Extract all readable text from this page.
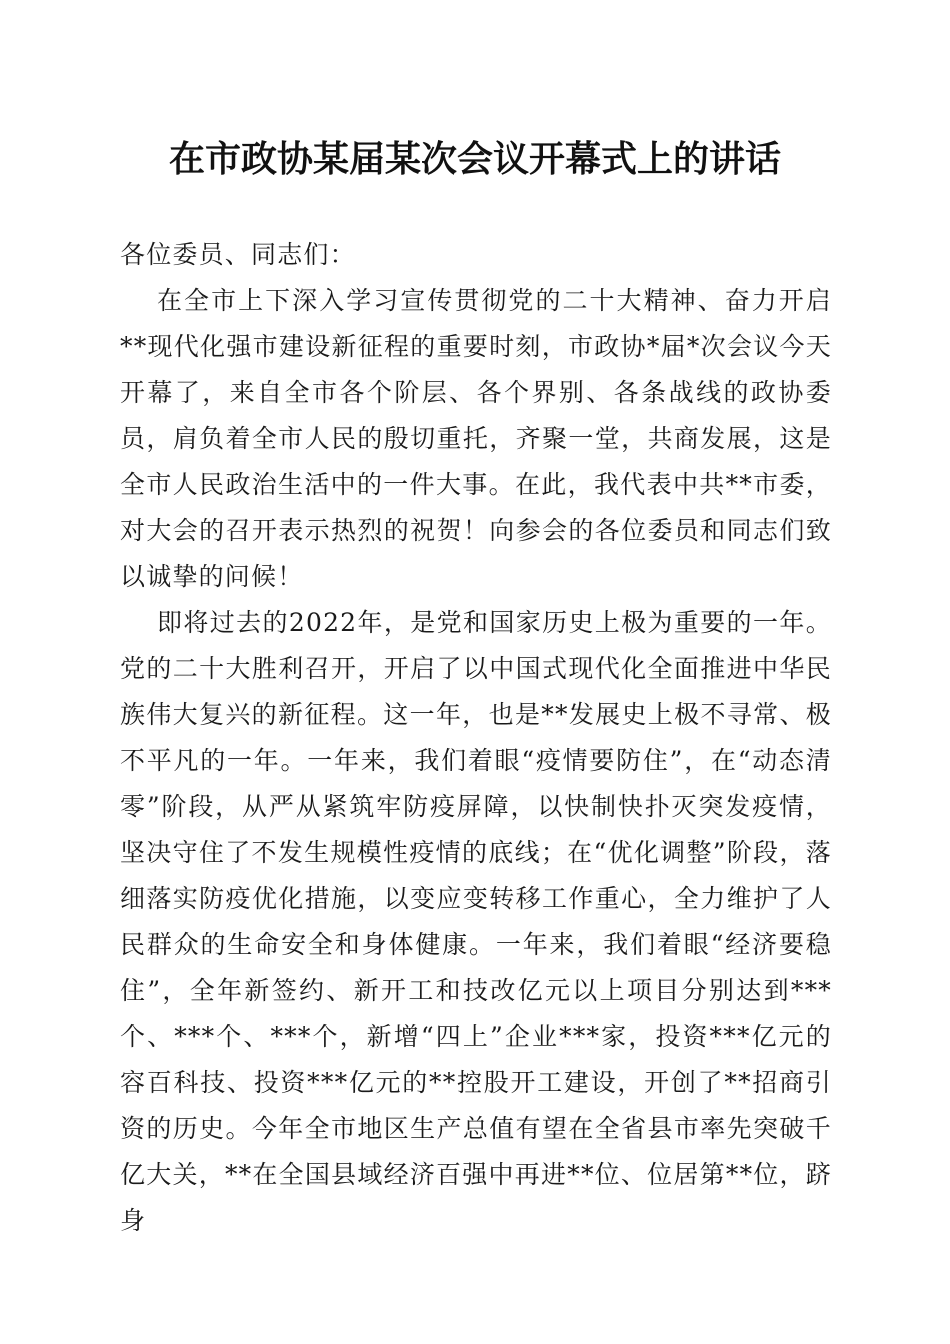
在市政协某届某次会议开幕式上的讲话

各位委员、同志们：

在全市上下深入学习宣传贯彻党的二十大精神、奋力开启**现代化强市建设新征程的重要时刻，市政协*届*次会议今天开幕了，来自全市各个阶层、各个界别、各条战线的政协委员，肩负着全市人民的殷切重托，齐聚一堂，共商发展，这是全市人民政治生活中的一件大事。在此，我代表中共**市委，对大会的召开表示热烈的祝贺！向参会的各位委员和同志们致以诚挚的问候！

即将过去的2022年，是党和国家历史上极为重要的一年。党的二十大胜利召开，开启了以中国式现代化全面推进中华民族伟大复兴的新征程。这一年，也是**发展史上极不寻常、极不平凡的一年。一年来，我们着眼“疫情要防住”，在“动态清零”阶段，从严从紧筑牢防疫屏障，以快制快扑灭突发疫情，坚决守住了不发生规模性疫情的底线；在“优化调整”阶段，落细落实防疫优化措施，以变应变转移工作重心，全力维护了人民群众的生命安全和身体健康。一年来，我们着眼“经济要稳住”，全年新签约、新开工和技改亿元以上项目分别达到***个、***个、***个，新增“四上”企业***家，投资***亿元的容百科技、投资***亿元的**控股开工建设，开创了**招商引资的历史。今年全市地区生产总值有望在全省县市率先突破千亿大关，**在全国县域经济百强中再进**位、位居第**位，跻身
